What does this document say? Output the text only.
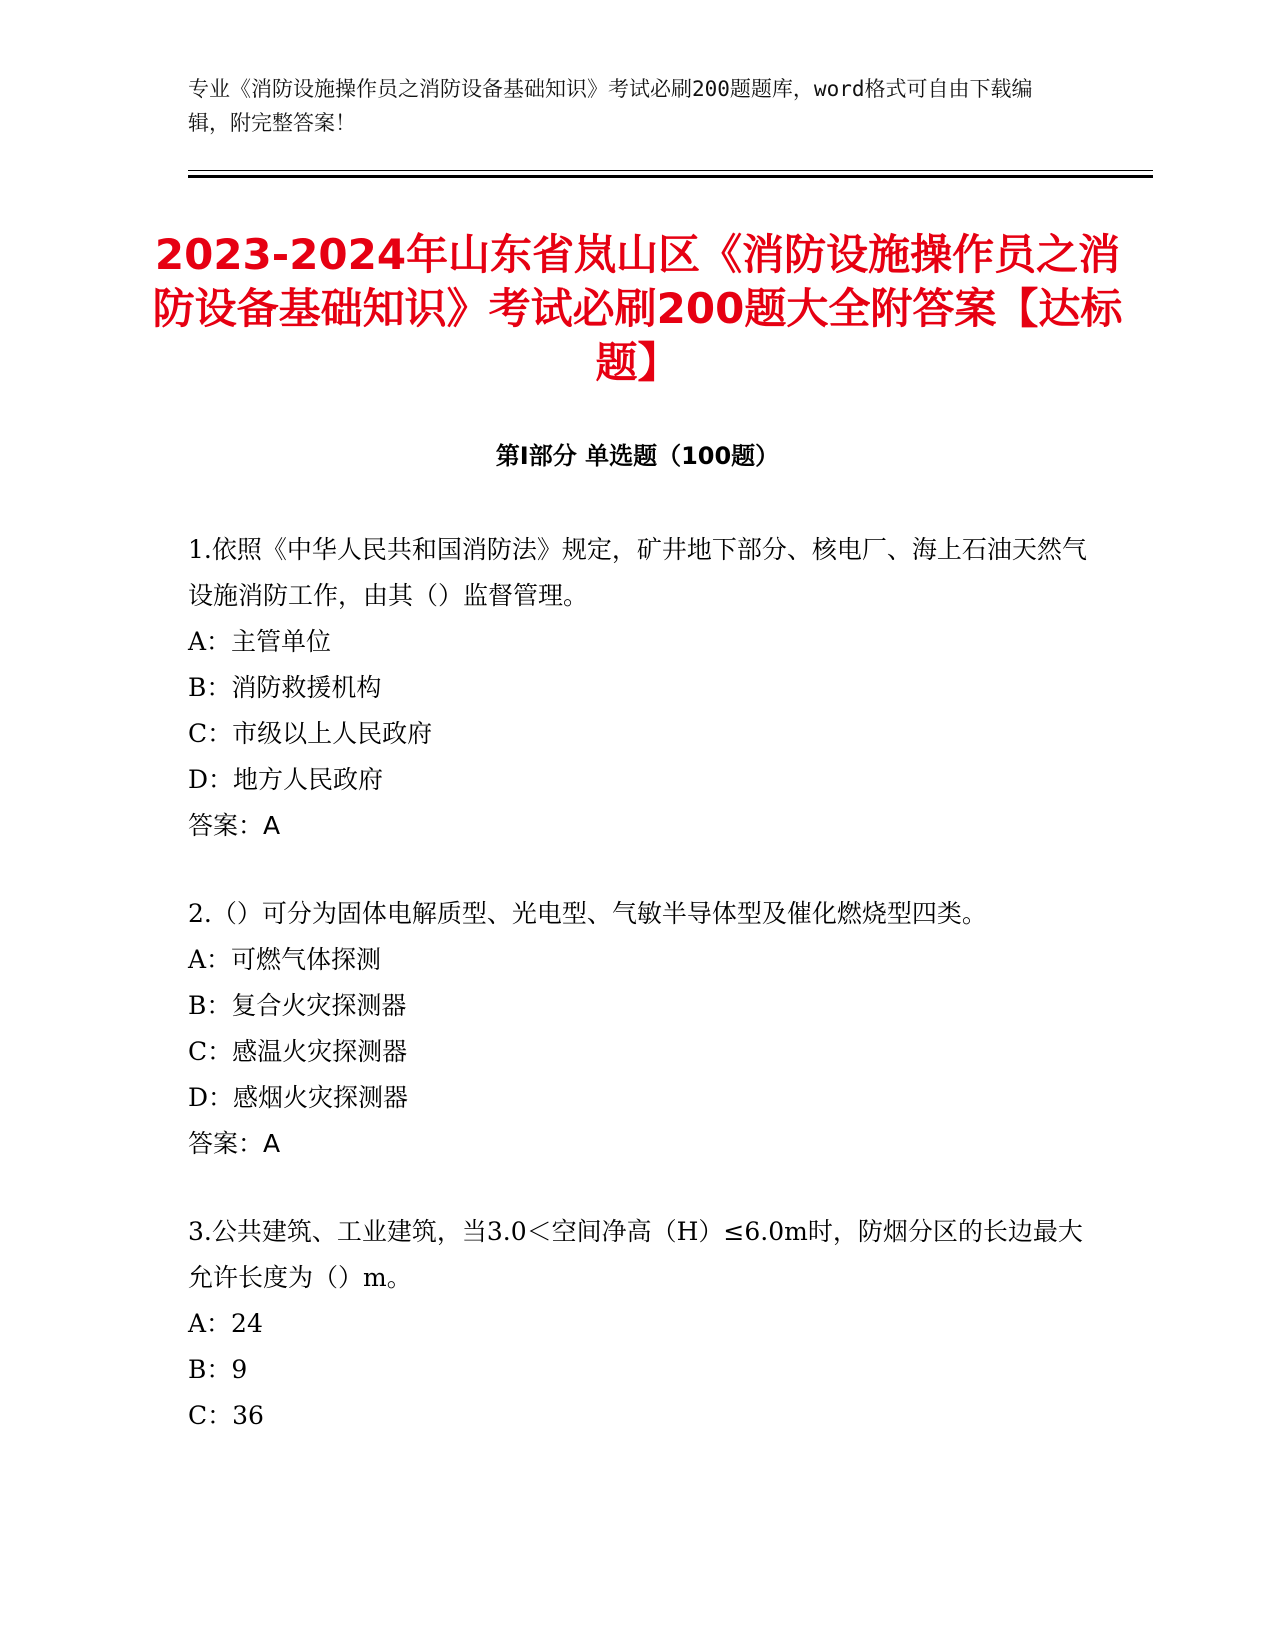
专业《消防设施操作员之消防设备基础知识》考试必刷200题题库，word格式可自由下载编辑，附完整答案！
2023-2024年山东省岚山区《消防设施操作员之消防设备基础知识》考试必刷200题大全附答案【达标题】
第Ⅰ部分 单选题（100题）
1.依照《中华人民共和国消防法》规定，矿井地下部分、核电厂、海上石油天然气设施消防工作，由其（）监督管理。
A：主管单位
B：消防救援机构
C：市级以上人民政府
D：地方人民政府
答案：A
2.（）可分为固体电解质型、光电型、气敏半导体型及催化燃烧型四类。
A：可燃气体探测
B：复合火灾探测器
C：感温火灾探测器
D：感烟火灾探测器
答案：A
3.公共建筑、工业建筑，当3.0＜空间净高（H）≤6.0m时，防烟分区的长边最大允许长度为（）m。
A：24
B：9
C：36
